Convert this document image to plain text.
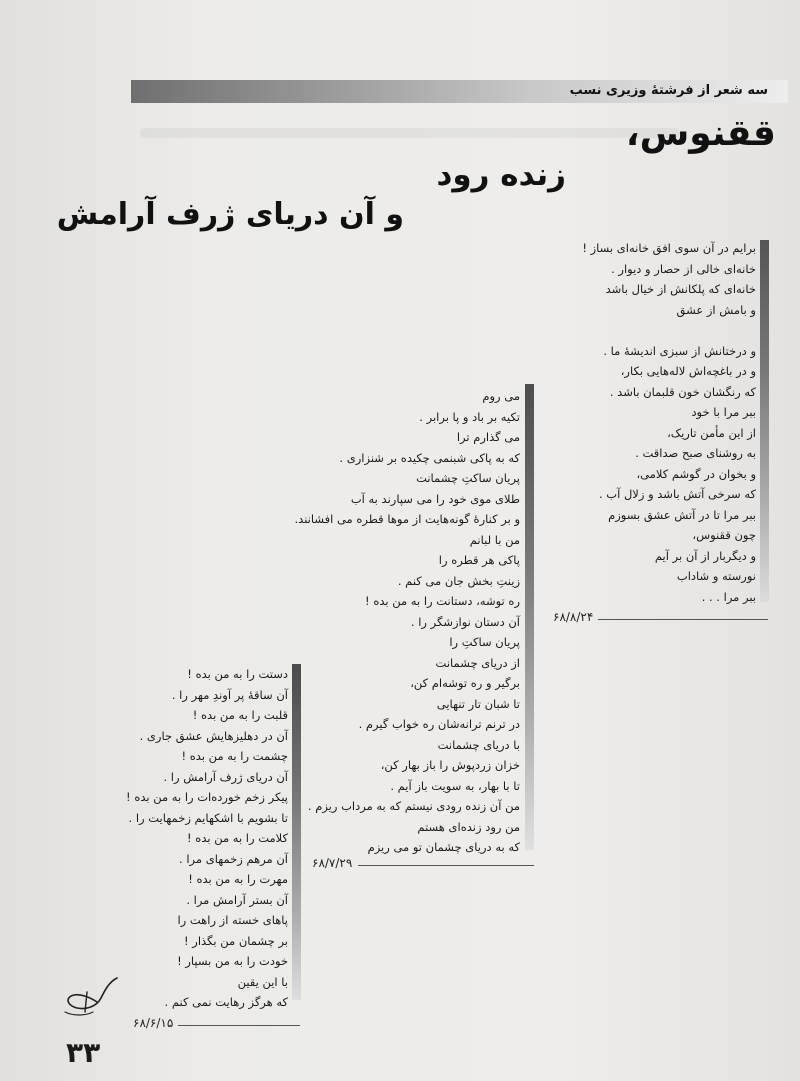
سه شعر از فرشتهٔ وزیری نسب
ققنوس،
زنده رود
و آن دریای ژرف آرامش
برایم در آن سوی افق خانه‌ای بساز !
خانه‌ای خالی از حصار و دیوار .
خانه‌ای که پلکانش از خیال باشد
و بامش از عشق
و درختانش از سبزی اندیشهٔ ما .
و در باغچه‌اش لاله‌هایی بکار،
که رنگشان خون قلبمان باشد .
ببر مرا با خود
از این مأمن تاریک،
به روشنای صبح صداقت .
و بخوان در گوشم کلامی،
که سرخی آتش باشد و زلال آب .
ببر مرا تا در آتش عشق بسوزم
چون ققنوس،
و دیگربار از آن بر آیم
نورسته و شاداب
ببر مرا . . .
۶۸/۸/۲۴
می روم
تکیه بر باد و پا برابر .
می گذارم ترا
که به پاکی شبنمی چکیده بر شنزاری .
پریان ساکتِ چشمانت
طلای موی خود را می سپارند به آب
و بر کنارهٔ گونه‌هایت از موها قطره می افشانند.
من با لبانم
پاکی هر قطره را
زینتِ بخش جان می کنم .
ره توشه، دستانت را به من بده !
آن دستان نوازشگر را .
پریان ساکتِ را
از دریای چشمانت
برگیر و ره توشه‌ام کن،
تا شبان تار تنهایی
در ترنم ترانه‌شان ره خواب گیرم .
با دریای چشمانت
خزان زردپوش را باز بهار کن،
تا با بهار، به سویت باز آیم .
من آن زنده رودی نیستم که به مرداب ریزم .
من رود زنده‌ای هستم
که به دریای چشمان تو می ریزم
۶۸/۷/۲۹
دستت را به من بده !
آن ساقهٔ پر آوندِ مهر را .
قلبت را به من بده !
آن در دهلیزهایش عشق جاری .
چشمت را به من بده !
آن دریای ژرف آرامش را .
پیکر زخم خورده‌ات را به من بده !
تا بشویم با اشکهایم زخمهایت را .
کلامت را به من بده !
آن مرهم زخمهای مرا .
مهرت را به من بده !
آن بستر آرامش مرا .
پاهای خسته از راهت را
بر چشمان من بگذار !
خودت را به من بسپار !
با این یقین
که هرگز رهایت نمی کنم .
۶۸/۶/۱۵
۳۳
